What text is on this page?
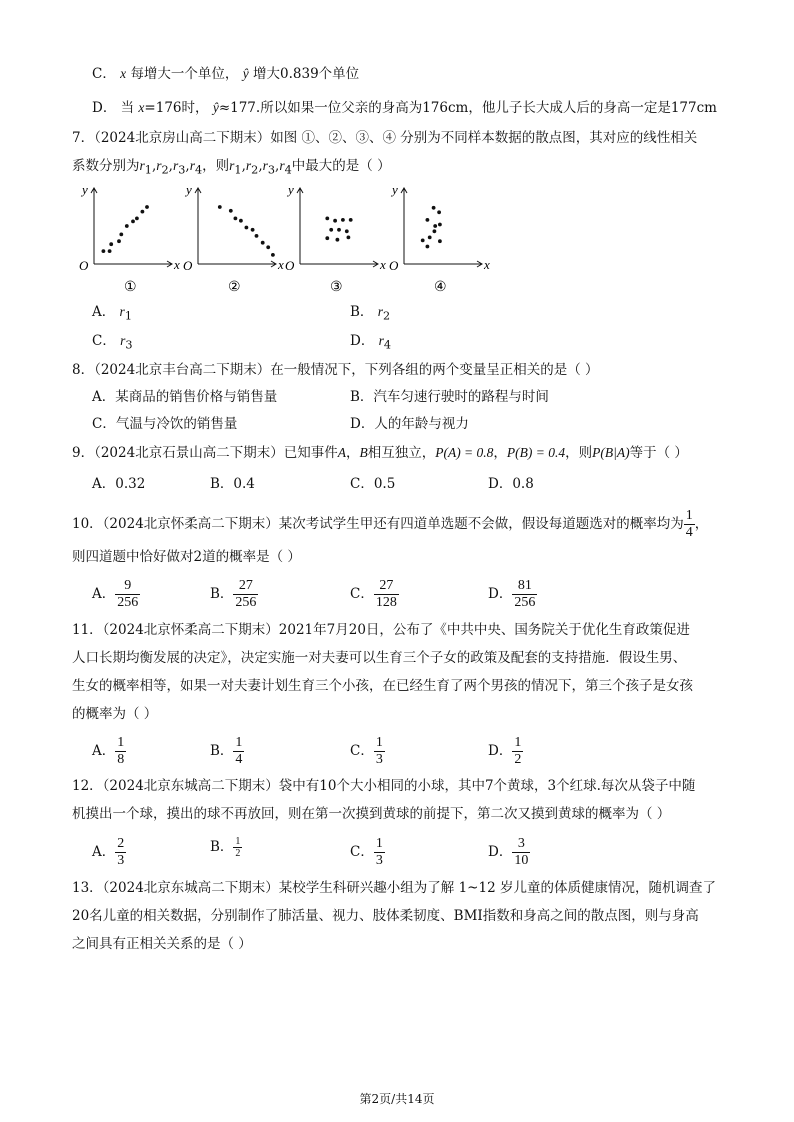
C． x 每增大一个单位， ŷ 增大0.839个单位
D． 当 x=176时， ŷ≈177.所以如果一位父亲的身高为176cm，他儿子长大成人后的身高一定是177cm
7．（2024北京房山高二下期末）如图 ①、②、③、④ 分别为不同样本数据的散点图，其对应的线性相关
系数分别为$r_1,r_2,r_3,r_4$，则$r_1,r_2,r_3,r_4$中最大的是（ ）
y
x
O
①
y
x
O
②
y
x
O
③
y
x
O
④
A． $r_1$	B． $r_2$
C． $r_3$	D． $r_4$
8．（2024北京丰台高二下期末）在一般情况下，下列各组的两个变量呈正相关的是（ ）
A．某商品的销售价格与销售量	B．汽车匀速行驶时的路程与时间
C．气温与冷饮的销售量	D．人的年龄与视力
9．（2024北京石景山高二下期末）已知事件A，B相互独立，P(A) = 0.8，P(B) = 0.4，则P(B|A)等于（ ）
A．0.32	B．0.4	C．0.5	D．0.8
10．（2024北京怀柔高二下期末）某次考试学生甲还有四道单选题不会做，假设每道题选对的概率均为 $\frac{1}{4}$ ，
则四道题中恰好做对2道的概率是（ ）
A． $\frac{9}{256}$	B． $\frac{27}{256}$	C． $\frac{27}{128}$	D． $\frac{81}{256}$
11．（2024北京怀柔高二下期末）2021年7月20日，公布了《中共中央、国务院关于优化生育政策促进
人口长期均衡发展的决定》，决定实施一对夫妻可以生育三个子女的政策及配套的支持措施．假设生男、
生女的概率相等，如果一对夫妻计划生育三个小孩，在已经生育了两个男孩的情况下，第三个孩子是女孩
的概率为（ ）
A． $\frac{1}{8}$	B． $\frac{1}{4}$	C． $\frac{1}{3}$	D． $\frac{1}{2}$
12．（2024北京东城高二下期末）袋中有10个大小相同的小球，其中7个黄球，3个红球.每次从袋子中随
机摸出一个球，摸出的球不再放回，则在第一次摸到黄球的前提下，第二次又摸到黄球的概率为（ ）
A． $\frac{2}{3}$	B． $\frac{1}{2}$	C． $\frac{1}{3}$	D． $\frac{3}{10}$
13．（2024北京东城高二下期末）某校学生科研兴趣小组为了解 1~12 岁儿童的体质健康情况，随机调查了
20名儿童的相关数据，分别制作了肺活量、视力、肢体柔韧度、BMI指数和身高之间的散点图，则与身高
之间具有正相关关系的是（ ）
第2页/共14页
